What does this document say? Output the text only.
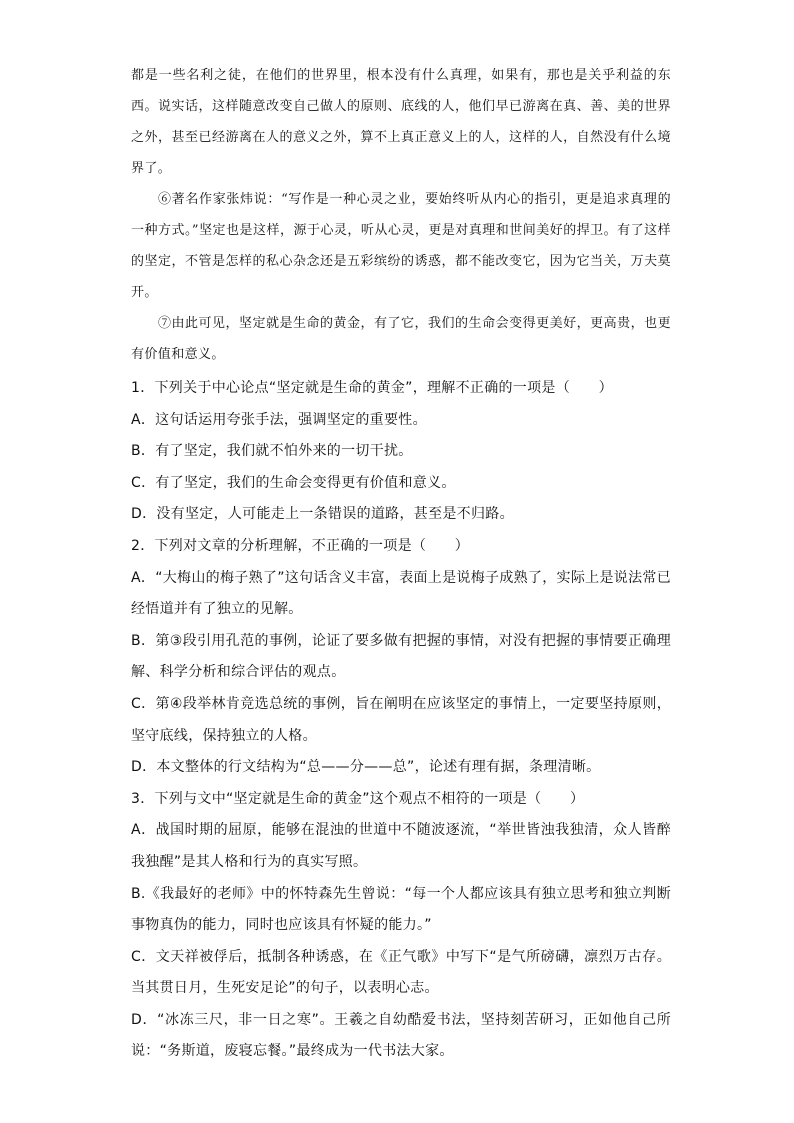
都是一些名利之徒，在他们的世界里，根本没有什么真理，如果有，那也是关乎利益的东西。说实话，这样随意改变自己做人的原则、底线的人，他们早已游离在真、善、美的世界之外，甚至已经游离在人的意义之外，算不上真正意义上的人，这样的人，自然没有什么境界了。

⑥著名作家张炜说：“写作是一种心灵之业，要始终听从内心的指引，更是追求真理的一种方式。”坚定也是这样，源于心灵，听从心灵，更是对真理和世间美好的捍卫。有了这样的坚定，不管是怎样的私心杂念还是五彩缤纷的诱惑，都不能改变它，因为它当关，万夫莫开。

⑦由此可见，坚定就是生命的黄金，有了它，我们的生命会变得更美好，更高贵，也更有价值和意义。

1．下列关于中心论点“坚定就是生命的黄金”，理解不正确的一项是（　　）

A．这句话运用夸张手法，强调坚定的重要性。

B．有了坚定，我们就不怕外来的一切干扰。

C．有了坚定，我们的生命会变得更有价值和意义。

D．没有坚定，人可能走上一条错误的道路，甚至是不归路。

2．下列对文章的分析理解，不正确的一项是（　　）

A．“大梅山的梅子熟了”这句话含义丰富，表面上是说梅子成熟了，实际上是说法常已经悟道并有了独立的见解。

B．第③段引用孔范的事例，论证了要多做有把握的事情，对没有把握的事情要正确理解、科学分析和综合评估的观点。

C．第④段举林肯竞选总统的事例，旨在阐明在应该坚定的事情上，一定要坚持原则，坚守底线，保持独立的人格。

D．本文整体的行文结构为“总——分——总”，论述有理有据，条理清晰。

3．下列与文中“坚定就是生命的黄金”这个观点不相符的一项是（　　）

A．战国时期的屈原，能够在混浊的世道中不随波逐流，“举世皆浊我独清，众人皆醉我独醒”是其人格和行为的真实写照。

B.《我最好的老师》中的怀特森先生曾说：“每一个人都应该具有独立思考和独立判断事物真伪的能力，同时也应该具有怀疑的能力。”

C．文天祥被俘后，抵制各种诱惑，在《正气歌》中写下“是气所磅礴，凛烈万古存。当其贯日月，生死安足论”的句子，以表明心志。

D．“冰冻三尺，非一日之寒”。王羲之自幼酷爱书法，坚持刻苦研习，正如他自己所说：“务斯道，废寝忘餐。”最终成为一代书法大家。
